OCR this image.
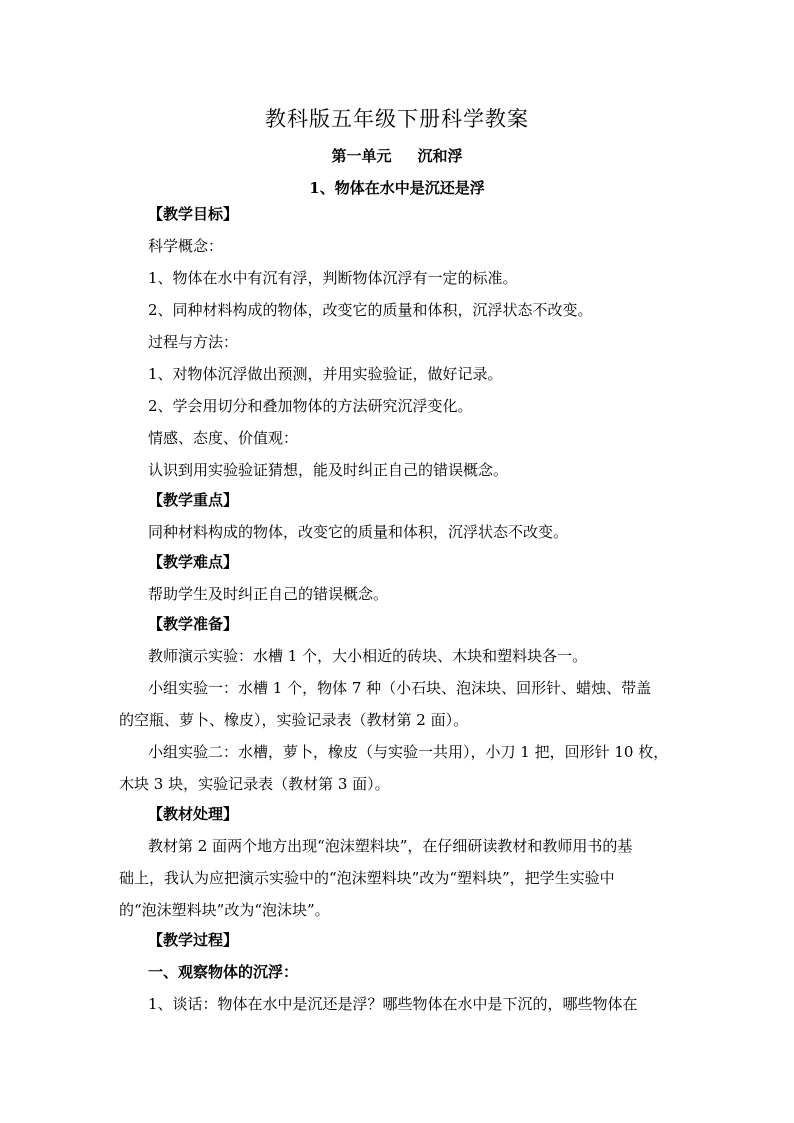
教科版五年级下册科学教案
第一单元     沉和浮
1、物体在水中是沉还是浮
【教学目标】
科学概念：
1、物体在水中有沉有浮，判断物体沉浮有一定的标准。
2、同种材料构成的物体，改变它的质量和体积，沉浮状态不改变。
过程与方法：
1、对物体沉浮做出预测，并用实验验证，做好记录。
2、学会用切分和叠加物体的方法研究沉浮变化。
情感、态度、价值观：
认识到用实验验证猜想，能及时纠正自己的错误概念。
【教学重点】
同种材料构成的物体，改变它的质量和体积，沉浮状态不改变。
【教学难点】
帮助学生及时纠正自己的错误概念。
【教学准备】
教师演示实验：水槽 1 个，大小相近的砖块、木块和塑料块各一。
小组实验一：水槽 1 个，物体 7 种（小石块、泡沫块、回形针、蜡烛、带盖
的空瓶、萝卜、橡皮），实验记录表（教材第 2 面）。
小组实验二：水槽，萝卜，橡皮（与实验一共用），小刀 1 把，回形针 10 枚，
木块 3 块，实验记录表（教材第 3 面）。
【教材处理】
教材第 2 面两个地方出现“泡沫塑料块”，在仔细研读教材和教师用书的基
础上，我认为应把演示实验中的“泡沫塑料块”改为“塑料块”，把学生实验中
的“泡沫塑料块”改为“泡沫块”。
【教学过程】
一、观察物体的沉浮：
1、谈话：物体在水中是沉还是浮？哪些物体在水中是下沉的，哪些物体在
